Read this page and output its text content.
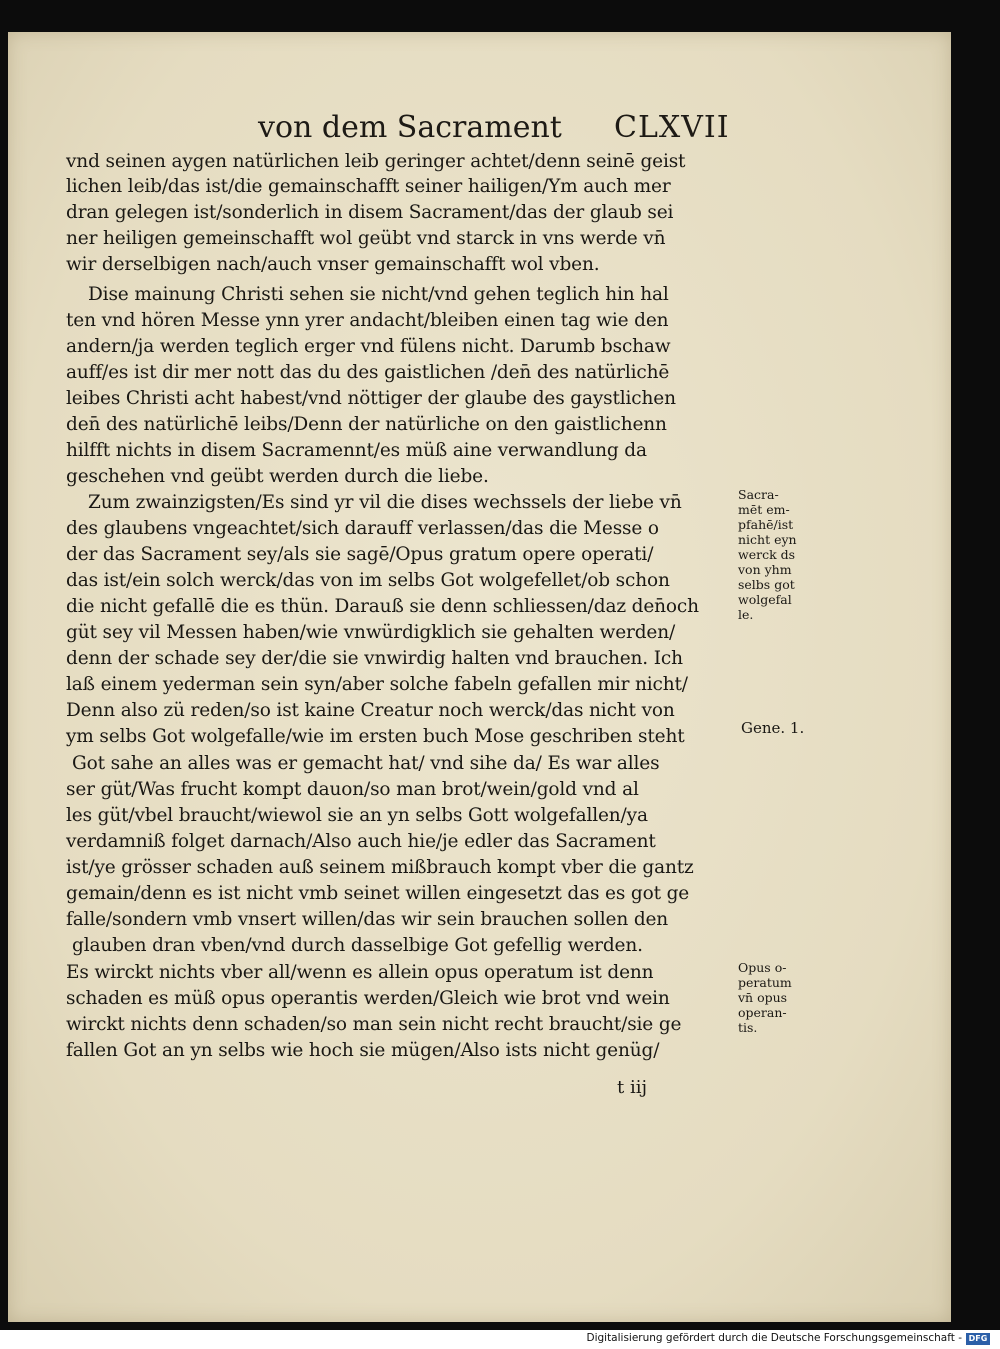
von dem Sacrament CLXVII
vnd seinen aygen natürlichen leib geringer achtet/denn seinē geist
lichen leib/das ist/die gemainschafft seiner hailigen/Ym auch mer
dran gelegen ist/sonderlich in disem Sacrament/das der glaub sei
ner heiligen gemeinschafft wol geübt vnd starck in vns werde vn̄
wir derselbigen nach/auch vnser gemainschafft wol vben.
Dise mainung Christi sehen sie nicht/vnd gehen teglich hin hal
ten vnd hören Messe ynn yrer andacht/bleiben einen tag wie den
andern/ja werden teglich erger vnd fülens nicht. Darumb bschaw
auff/es ist dir mer nott das du des gaistlichen /den̄ des natürlichē
leibes Christi acht habest/vnd nöttiger der glaube des gaystlichen
den̄ des natürlichē leibs/Denn der natürliche on den gaistlichenn
hilfft nichts in disem Sacramennt/es müß aine verwandlung da
geschehen vnd geübt werden durch die liebe.
Zum zwainzigsten/Es sind yr vil die dises wechssels der liebe vn̄
des glaubens vngeachtet/sich darauff verlassen/das die Messe o
der das Sacrament sey/als sie sagē/Opus gratum opere operati/
das ist/ein solch werck/das von im selbs Got wolgefellet/ob schon
die nicht gefallē die es thün. Darauß sie denn schliessen/daz den̄och
güt sey vil Messen haben/wie vnwürdigklich sie gehalten werden/
denn der schade sey der/die sie vnwirdig halten vnd brauchen. Ich
laß einem yederman sein syn/aber solche fabeln gefallen mir nicht/
Denn also zü reden/so ist kaine Creatur noch werck/das nicht von
ym selbs Got wolgefalle/wie im ersten buch Mose geschriben steht
Got sahe an alles was er gemacht hat/ vnd sihe da/ Es war alles
ser güt/Was frucht kompt dauon/so man brot/wein/gold vnd al
les güt/vbel braucht/wiewol sie an yn selbs Gott wolgefallen/ya
verdamniß folget darnach/Also auch hie/je edler das Sacrament
ist/ye grösser schaden auß seinem mißbrauch kompt vber die gantz
gemain/denn es ist nicht vmb seinet willen eingesetzt das es got ge
falle/sondern vmb vnsert willen/das wir sein brauchen sollen den
glauben dran vben/vnd durch dasselbige Got gefellig werden.
Es wirckt nichts vber all/wenn es allein opus operatum ist denn
schaden es müß opus operantis werden/Gleich wie brot vnd wein
wirckt nichts denn schaden/so man sein nicht recht braucht/sie ge
fallen Got an yn selbs wie hoch sie mügen/Also ists nicht genüg/
Sacra-
mēt em-
pfahē/ist
nicht eyn
werck ds
von yhm
selbs got
wolgefal
le.
Gene. 1.
Opus o-
peratum
vn̄ opus
operan-
tis.
t iij
Digitalisierung gefördert durch die Deutsche Forschungsgemeinschaft - DFG
